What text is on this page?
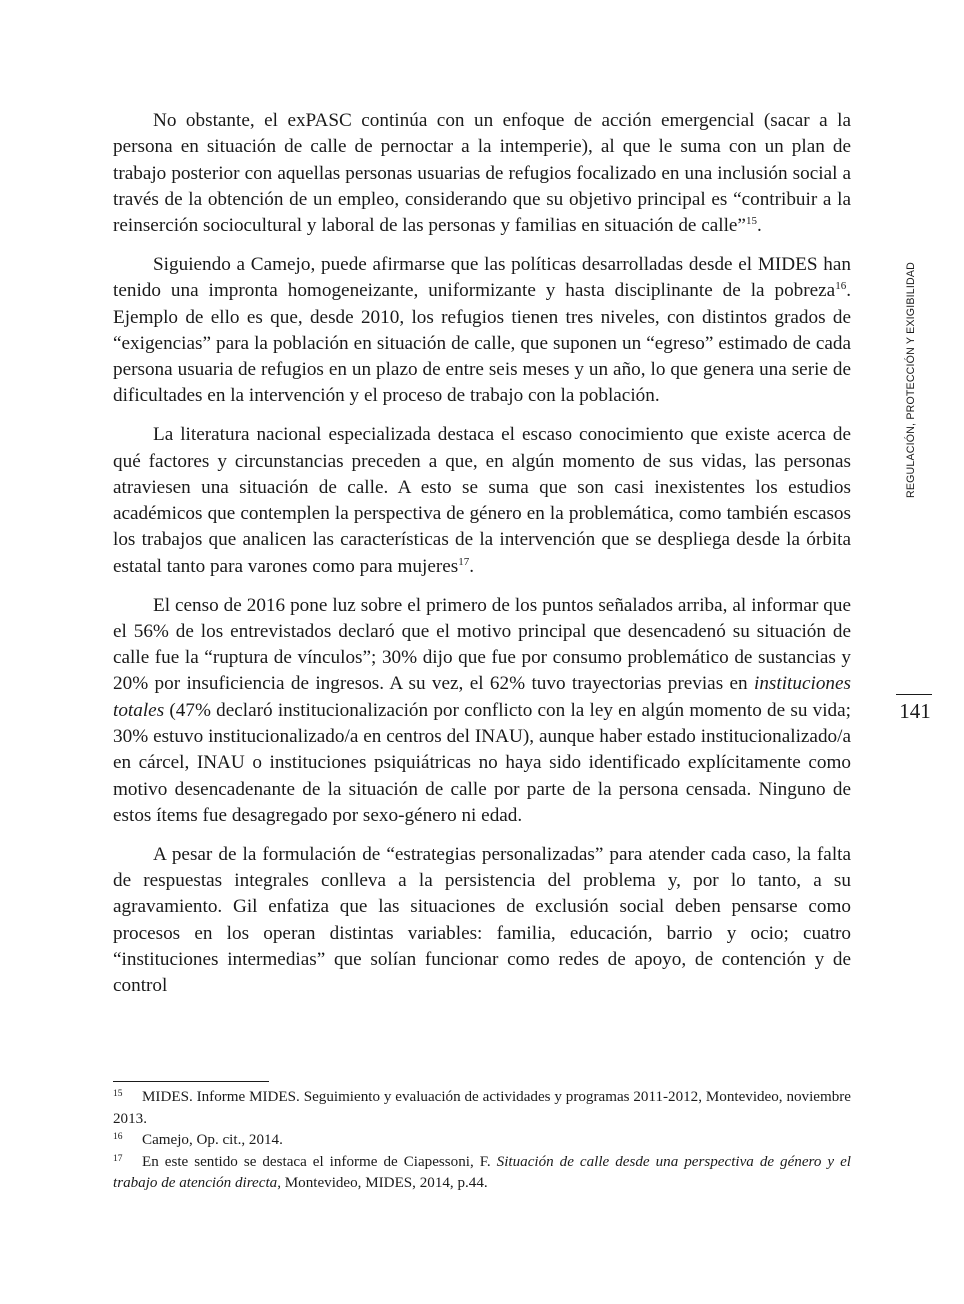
REGULACIÓN, PROTECCIÓN Y EXIGIBILIDAD
141

No obstante, el exPASC continúa con un enfoque de acción emergencial (sacar a la persona en situación de calle de pernoctar a la intemperie), al que le suma con un plan de trabajo posterior con aquellas personas usuarias de refugios focalizado en una inclusión social a través de la obtención de un empleo, considerando que su objetivo principal es “contribuir a la reinserción sociocultural y laboral de las personas y familias en situación de calle”$^{15}$.

Siguiendo a Camejo, puede afirmarse que las políticas desarrolladas desde el MIDES han tenido una impronta homogeneizante, uniformizante y hasta disciplinante de la pobreza$^{16}$. Ejemplo de ello es que, desde 2010, los refugios tienen tres niveles, con distintos grados de “exigencias” para la población en situación de calle, que suponen un “egreso” estimado de cada persona usuaria de refugios en un plazo de entre seis meses y un año, lo que genera una serie de dificultades en la intervención y el proceso de trabajo con la población.

La literatura nacional especializada destaca el escaso conocimiento que existe acerca de qué factores y circunstancias preceden a que, en algún momento de sus vidas, las personas atraviesen una situación de calle. A esto se suma que son casi inexistentes los estudios académicos que contemplen la perspectiva de género en la problemática, como también escasos los trabajos que analicen las características de la intervención que se despliega desde la órbita estatal tanto para varones como para mujeres$^{17}$.

El censo de 2016 pone luz sobre el primero de los puntos señalados arriba, al informar que el 56% de los entrevistados declaró que el motivo principal que desencadenó su situación de calle fue la “ruptura de vínculos”; 30% dijo que fue por consumo problemático de sustancias y 20% por insuficiencia de ingresos. A su vez, el 62% tuvo trayectorias previas en instituciones totales (47% declaró institucionalización por conflicto con la ley en algún momento de su vida; 30% estuvo institucionalizado/a en centros del INAU), aunque haber estado institucionalizado/a en cárcel, INAU o instituciones psiquiátricas no haya sido identificado explícitamente como motivo desencadenante de la situación de calle por parte de la persona censada. Ninguno de estos ítems fue desagregado por sexo-género ni edad.

A pesar de la formulación de “estrategias personalizadas” para atender cada caso, la falta de respuestas integrales conlleva a la persistencia del problema y, por lo tanto, a su agravamiento. Gil enfatiza que las situaciones de exclusión social deben pensarse como procesos en los operan distintas variables: familia, educación, barrio y ocio; cuatro “instituciones intermedias” que solían funcionar como redes de apoyo, de contención y de control

15 MIDES. Informe MIDES. Seguimiento y evaluación de actividades y programas 2011-2012, Montevideo, noviembre 2013.

16 Camejo, Op. cit., 2014.

17 En este sentido se destaca el informe de Ciapessoni, F. Situación de calle desde una perspectiva de género y el trabajo de atención directa, Montevideo, MIDES, 2014, p.44.
